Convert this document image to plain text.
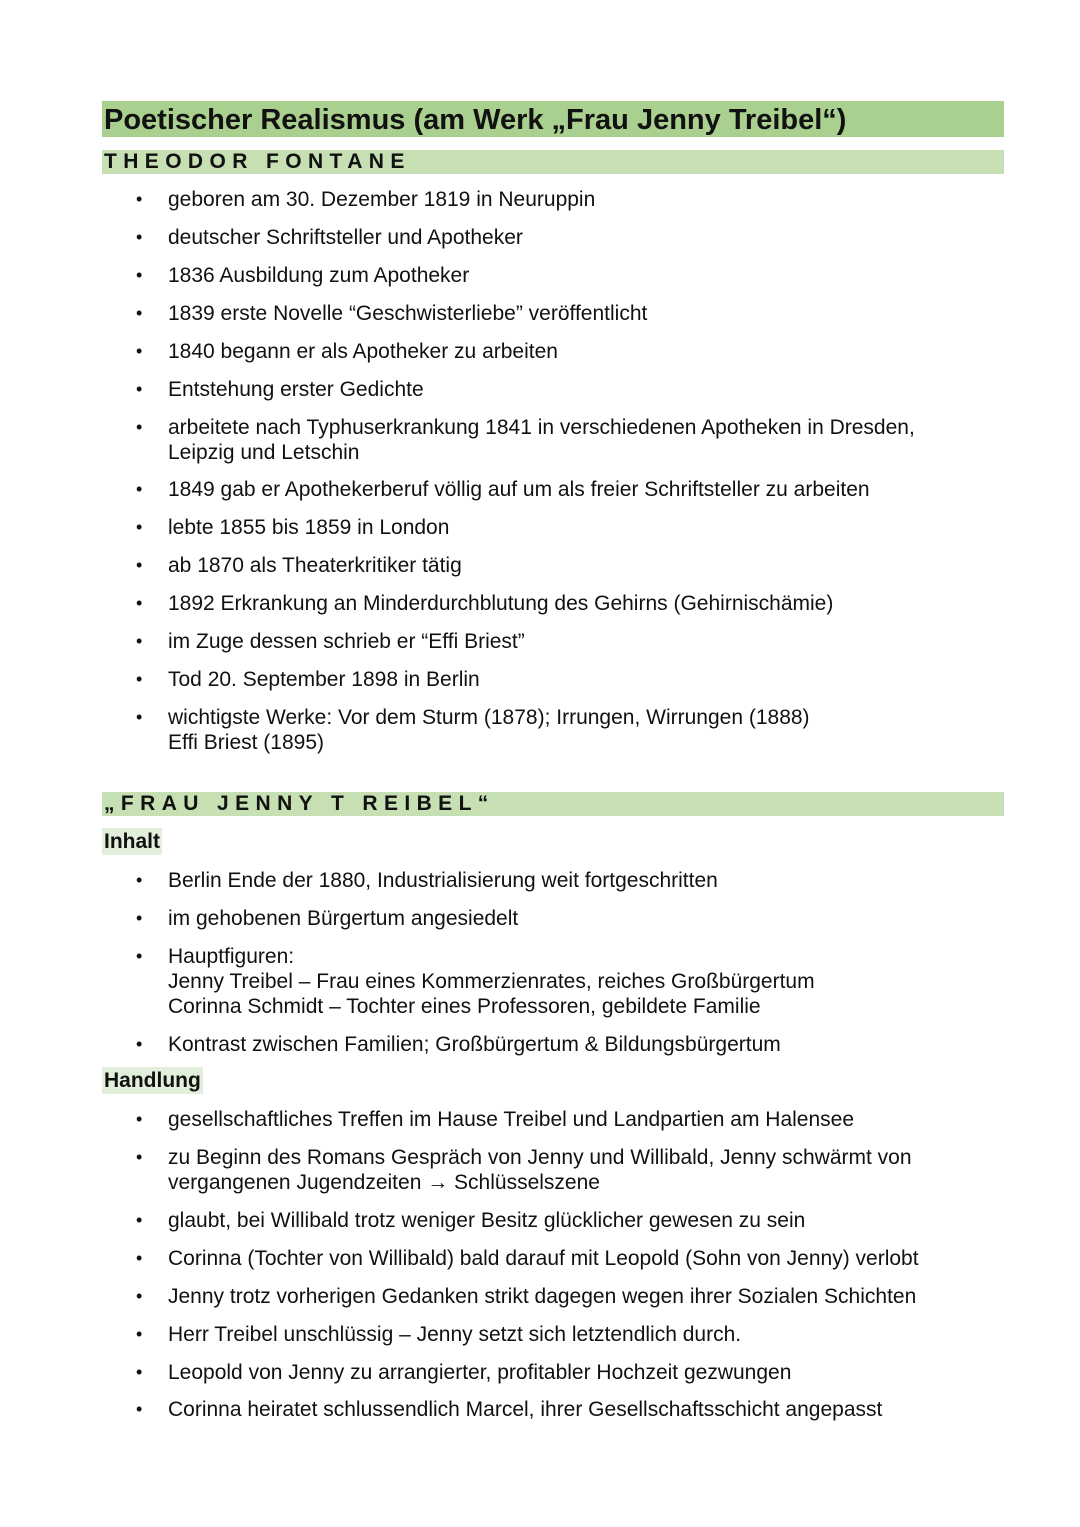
Poetischer Realismus (am Werk „Frau Jenny Treibel“)
THEODOR FONTANE
• geboren am 30. Dezember 1819 in Neuruppin
• deutscher Schriftsteller und Apotheker
• 1836 Ausbildung zum Apotheker
• 1839 erste Novelle “Geschwisterliebe” veröffentlicht
• 1840 begann er als Apotheker zu arbeiten
• Entstehung erster Gedichte
• arbeitete nach Typhuserkrankung 1841 in verschiedenen Apotheken in Dresden,
Leipzig und Letschin
• 1849 gab er Apothekerberuf völlig auf um als freier Schriftsteller zu arbeiten
• lebte 1855 bis 1859 in London
• ab 1870 als Theaterkritiker tätig
• 1892 Erkrankung an Minderdurchblutung des Gehirns (Gehirnischämie)
• im Zuge dessen schrieb er “Effi Briest”
• Tod 20. September 1898 in Berlin
• wichtigste Werke: Vor dem Sturm (1878); Irrungen, Wirrungen (1888)
Effi Briest (1895)
„FRAU JENNY T REIBEL“
Inhalt
• Berlin Ende der 1880, Industrialisierung weit fortgeschritten
• im gehobenen Bürgertum angesiedelt
• Hauptfiguren:
Jenny Treibel – Frau eines Kommerzienrates, reiches Großbürgertum
Corinna Schmidt – Tochter eines Professoren, gebildete Familie
• Kontrast zwischen Familien; Großbürgertum & Bildungsbürgertum
Handlung
• gesellschaftliches Treffen im Hause Treibel und Landpartien am Halensee
• zu Beginn des Romans Gespräch von Jenny und Willibald, Jenny schwärmt von
vergangenen Jugendzeiten → Schlüsselszene
• glaubt, bei Willibald trotz weniger Besitz glücklicher gewesen zu sein
• Corinna (Tochter von Willibald) bald darauf mit Leopold (Sohn von Jenny) verlobt
• Jenny trotz vorherigen Gedanken strikt dagegen wegen ihrer Sozialen Schichten
• Herr Treibel unschlüssig – Jenny setzt sich letztendlich durch.
• Leopold von Jenny zu arrangierter, profitabler Hochzeit gezwungen
• Corinna heiratet schlussendlich Marcel, ihrer Gesellschaftsschicht angepasst
